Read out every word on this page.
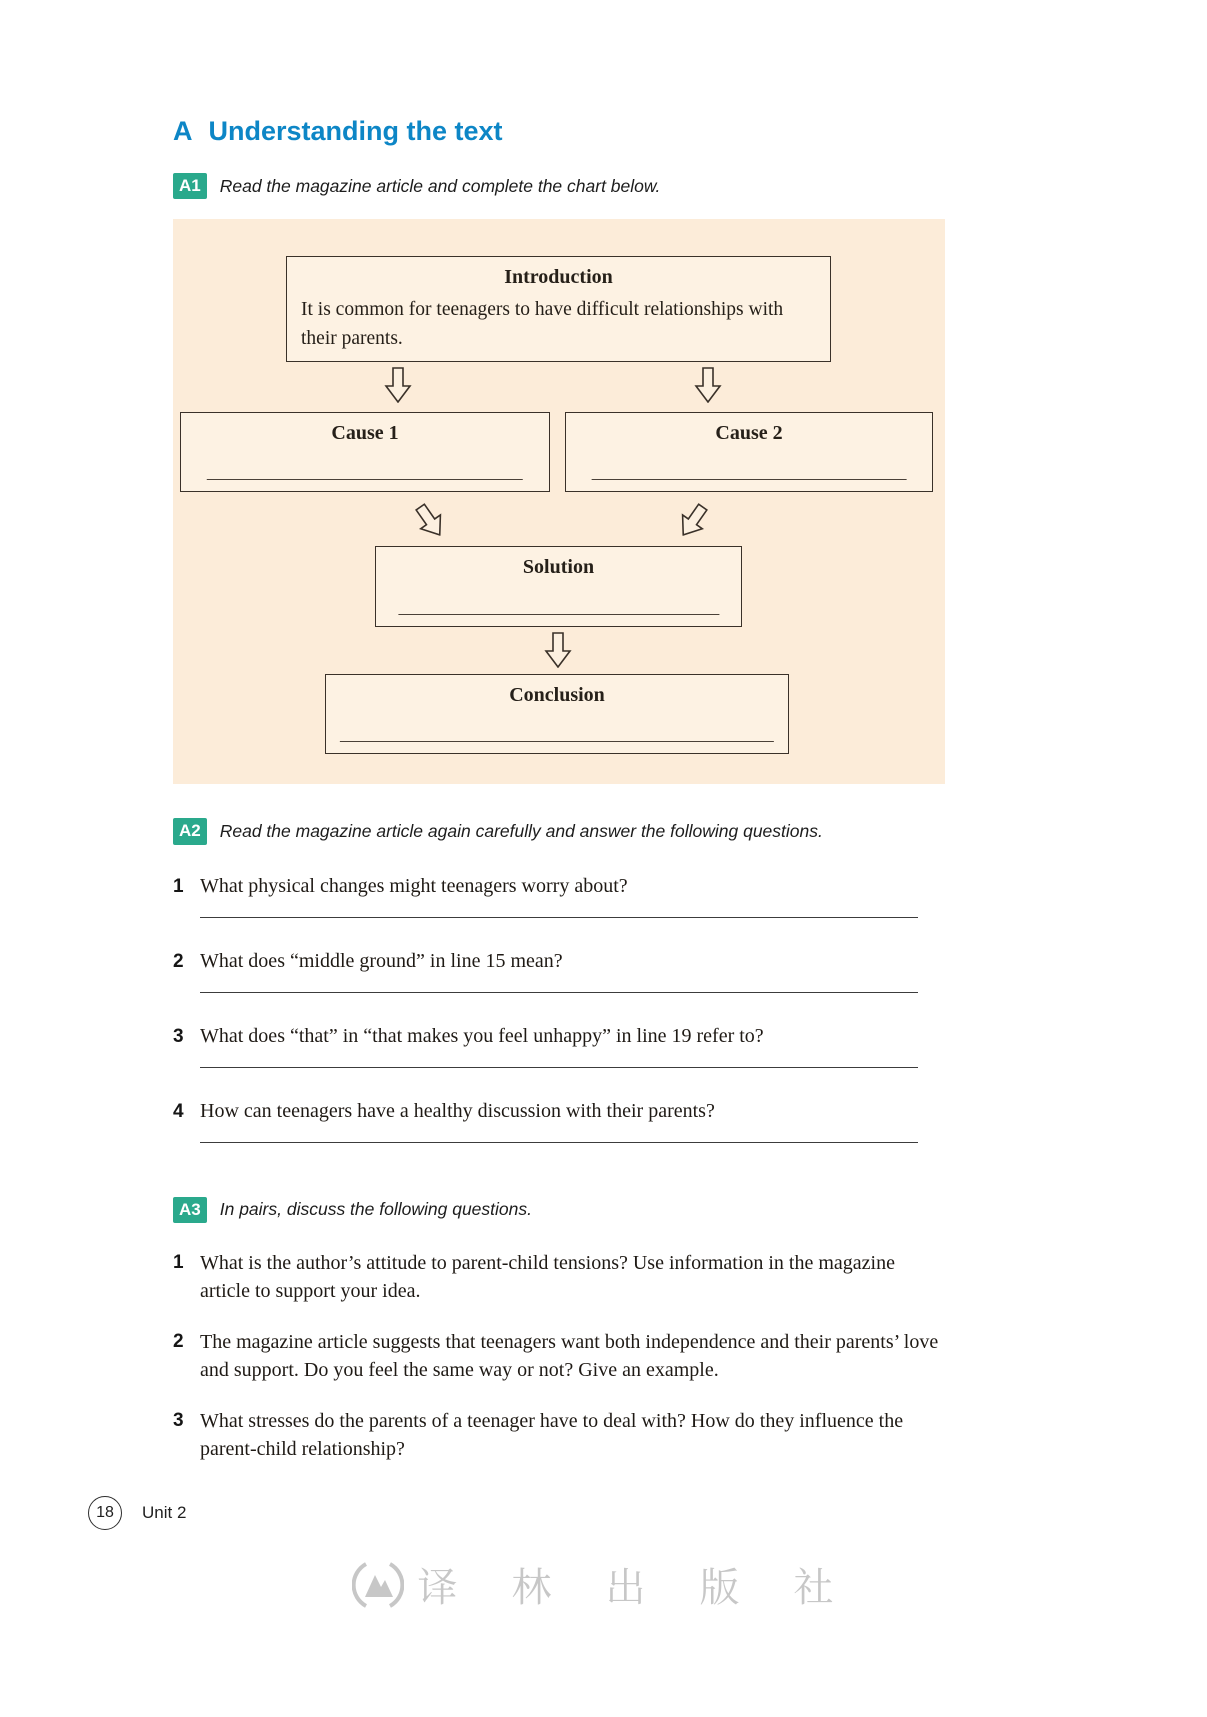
A Understanding the text
A1	Read the magazine article and complete the chart below.
Introduction
It is common for teenagers to have difficult relationships with their parents.
Cause 1	Cause 2
Solution
Conclusion
A2	Read the magazine article again carefully and answer the following questions.
1 What physical changes might teenagers worry about?
2 What does “middle ground” in line 15 mean?
3 What does “that” in “that makes you feel unhappy” in line 19 refer to?
4 How can teenagers have a healthy discussion with their parents?
A3	In pairs, discuss the following questions.
1 What is the author’s attitude to parent-child tensions? Use information in the magazine article to support your idea.
2 The magazine article suggests that teenagers want both independence and their parents’ love and support. Do you feel the same way or not? Give an example.
3 What stresses do the parents of a teenager have to deal with? How do they influence the parent-child relationship?
18	Unit 2
译 林 出 版 社
